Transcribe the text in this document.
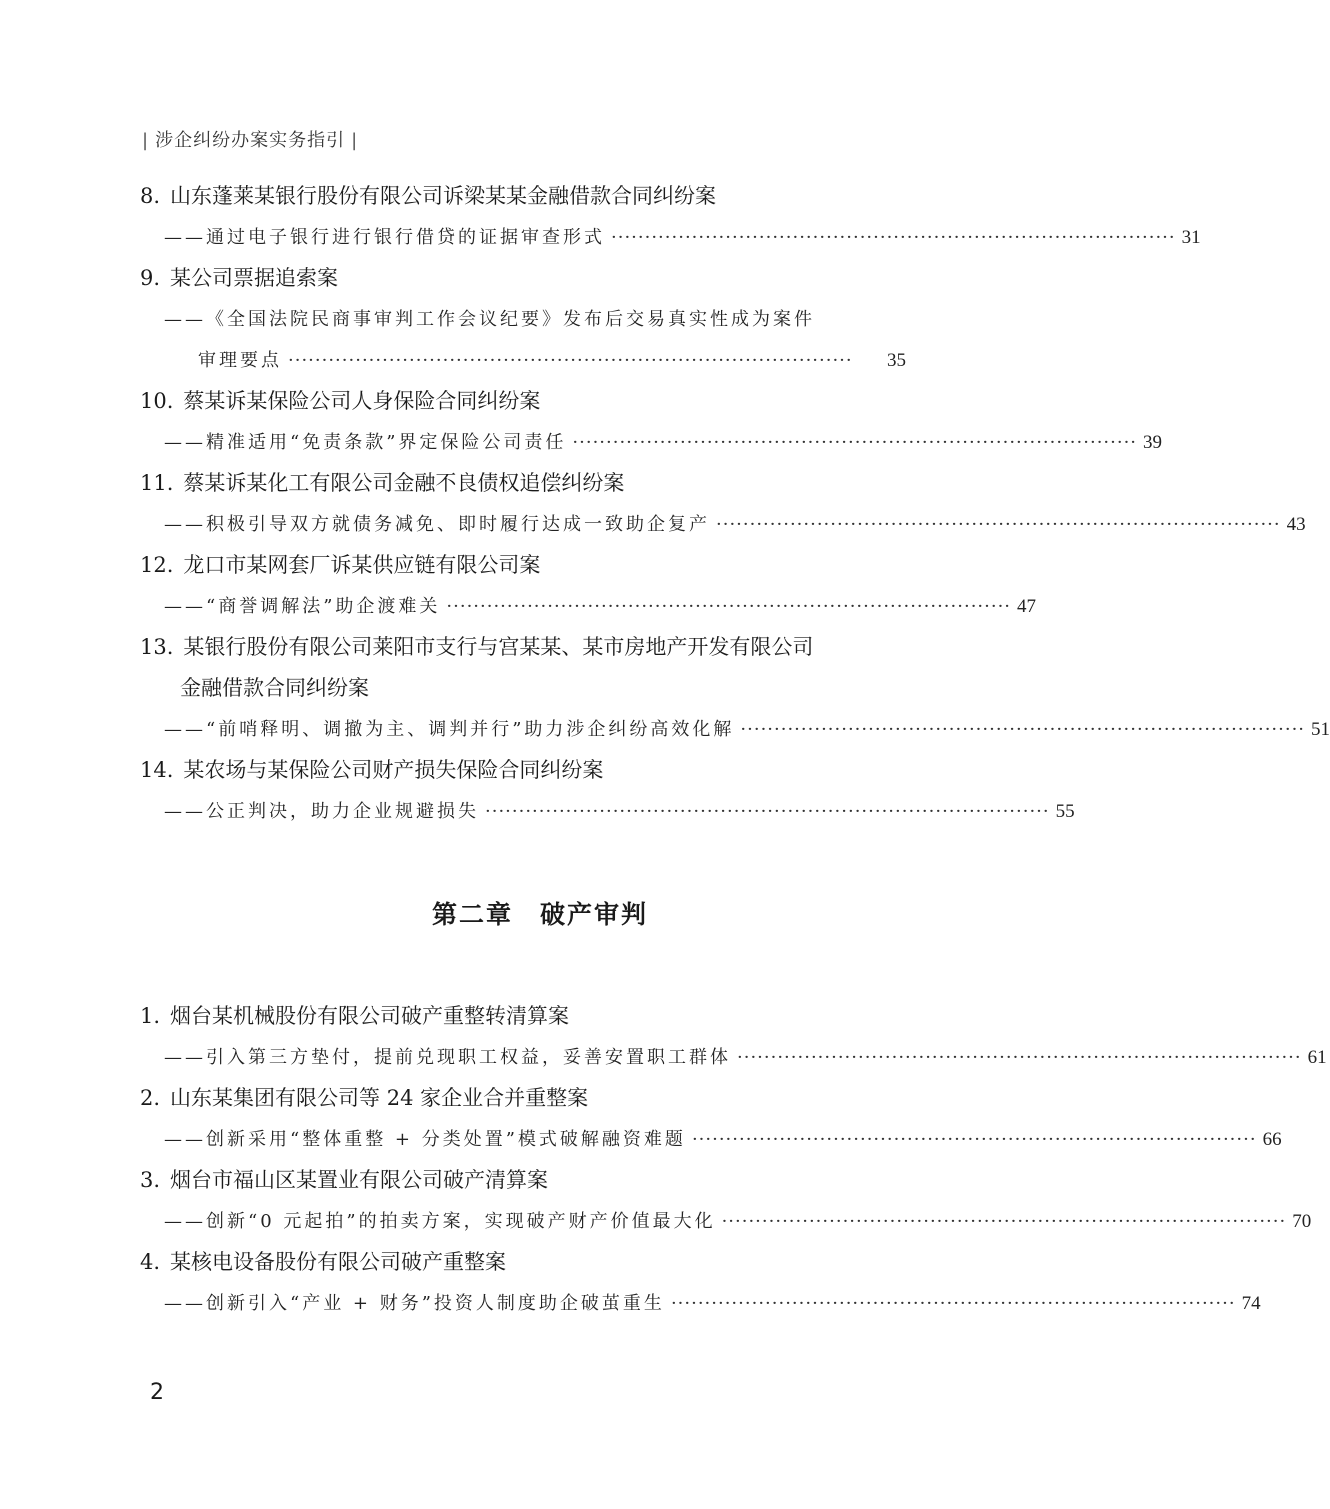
| 涉企纠纷办案实务指引 |
8. 山东蓬莱某银行股份有限公司诉梁某某金融借款合同纠纷案
——通过电子银行进行银行借贷的证据审查形式 ···················································································· 31
9. 某公司票据追索案
——《全国法院民商事审判工作会议纪要》发布后交易真实性成为案件
审理要点 ····················································································	35
10. 蔡某诉某保险公司人身保险合同纠纷案
——精准适用“免责条款”界定保险公司责任 ···················································································· 39
11. 蔡某诉某化工有限公司金融不良债权追偿纠纷案
——积极引导双方就债务减免、即时履行达成一致助企复产 ···················································································· 43
12. 龙口市某网套厂诉某供应链有限公司案
——“商誉调解法”助企渡难关 ···················································································· 47
13. 某银行股份有限公司莱阳市支行与宫某某、某市房地产开发有限公司
金融借款合同纠纷案
——“前哨释明、调撤为主、调判并行”助力涉企纠纷高效化解 ···················································································· 51
14. 某农场与某保险公司财产损失保险合同纠纷案
——公正判决，助力企业规避损失 ···················································································· 55
第二章　破产审判
1. 烟台某机械股份有限公司破产重整转清算案
——引入第三方垫付，提前兑现职工权益，妥善安置职工群体 ···················································································· 61
2. 山东某集团有限公司等 24 家企业合并重整案
——创新采用“整体重整 + 分类处置”模式破解融资难题 ···················································································· 66
3. 烟台市福山区某置业有限公司破产清算案
——创新“0 元起拍”的拍卖方案，实现破产财产价值最大化 ···················································································· 70
4. 某核电设备股份有限公司破产重整案
——创新引入“产业 + 财务”投资人制度助企破茧重生 ···················································································· 74
2
